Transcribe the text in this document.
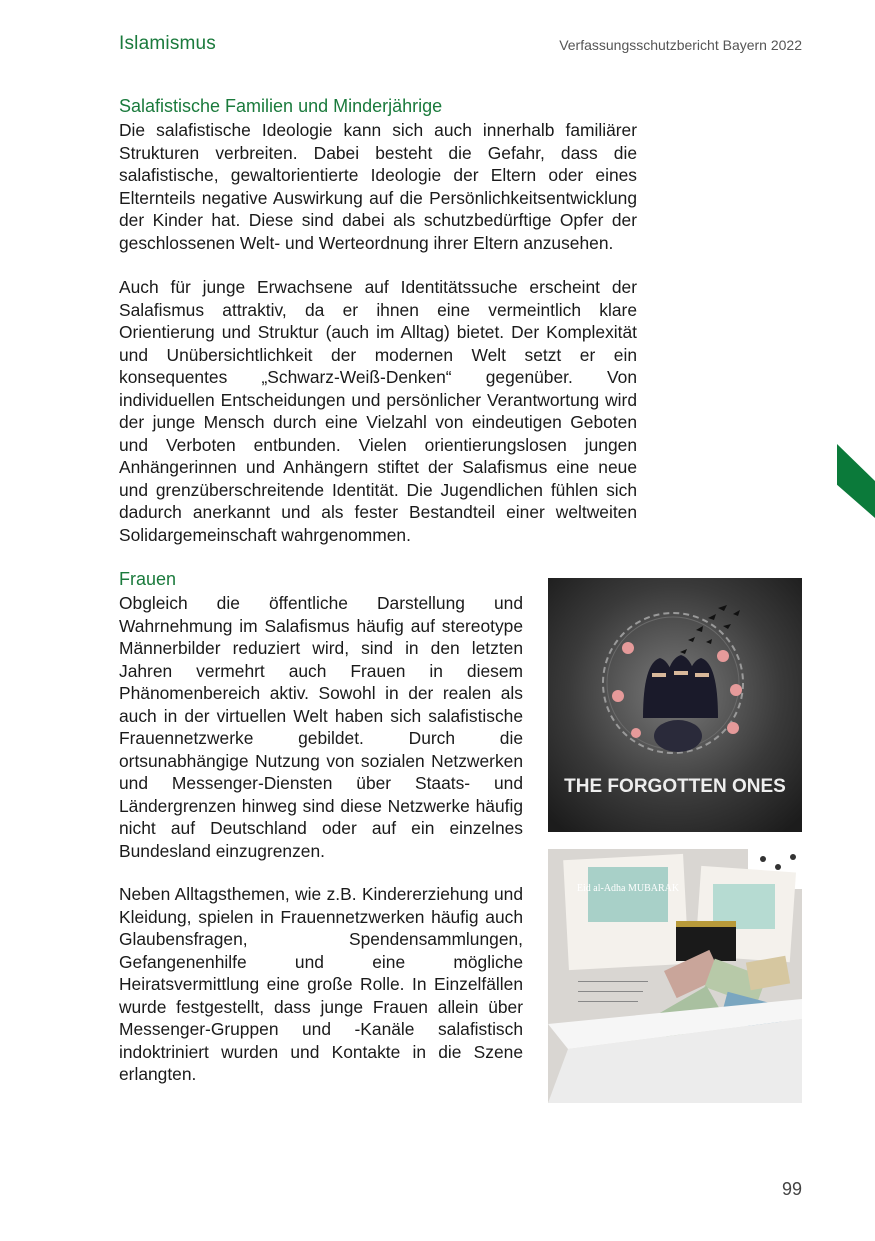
Islamismus	Verfassungsschutzbericht Bayern 2022
Salafistische Familien und Minderjährige

Die salafistische Ideologie kann sich auch innerhalb familiärer Strukturen verbreiten. Dabei besteht die Gefahr, dass die salafistische, gewaltorientierte Ideologie der Eltern oder eines Elternteils negative Auswirkung auf die Persönlichkeitsentwicklung der Kinder hat. Diese sind dabei als schutzbedürftige Opfer der geschlossenen Welt- und Werteordnung ihrer Eltern anzusehen.

Auch für junge Erwachsene auf Identitätssuche erscheint der Salafismus attraktiv, da er ihnen eine vermeintlich klare Orientierung und Struktur (auch im Alltag) bietet. Der Komplexität und Unübersichtlichkeit der modernen Welt setzt er ein konsequentes „Schwarz-Weiß-Denken“ gegenüber. Von individuellen Entscheidungen und persönlicher Verantwortung wird der junge Mensch durch eine Vielzahl von eindeutigen Geboten und Verboten entbunden. Vielen orientierungslosen jungen Anhängerinnen und Anhängern stiftet der Salafismus eine neue und grenzüberschreitende Identität. Die Jugendlichen fühlen sich dadurch anerkannt und als fester Bestandteil einer weltweiten Solidargemeinschaft wahrgenommen.

Frauen

Obgleich die öffentliche Darstellung und Wahrnehmung im Salafismus häufig auf stereotype Männerbilder reduziert wird, sind in den letzten Jahren vermehrt auch Frauen in diesem Phänomenbereich aktiv. Sowohl in der realen als auch in der virtuellen Welt haben sich salafistische Frauennetzwerke gebildet. Durch die ortsunabhängige Nutzung von sozialen Netzwerken und Messenger-Diensten über Staats- und Ländergrenzen hinweg sind diese Netzwerke häufig nicht auf Deutschland oder auf ein einzelnes Bundesland einzugrenzen.

Neben Alltagsthemen, wie z.B. Kindererziehung und Kleidung, spielen in Frauennetzwerken häufig auch Glaubensfragen, Spendensammlungen, Gefangenenhilfe und eine mögliche Heiratsvermittlung eine große Rolle. In Einzelfällen wurde festgestellt, dass junge Frauen allein über Messenger-Gruppen und -Kanäle salafistisch indoktriniert wurden und Kontakte in die Szene erlangten.

THE FORGOTTEN ONES
Eid al-Adha MUBARAK
99
